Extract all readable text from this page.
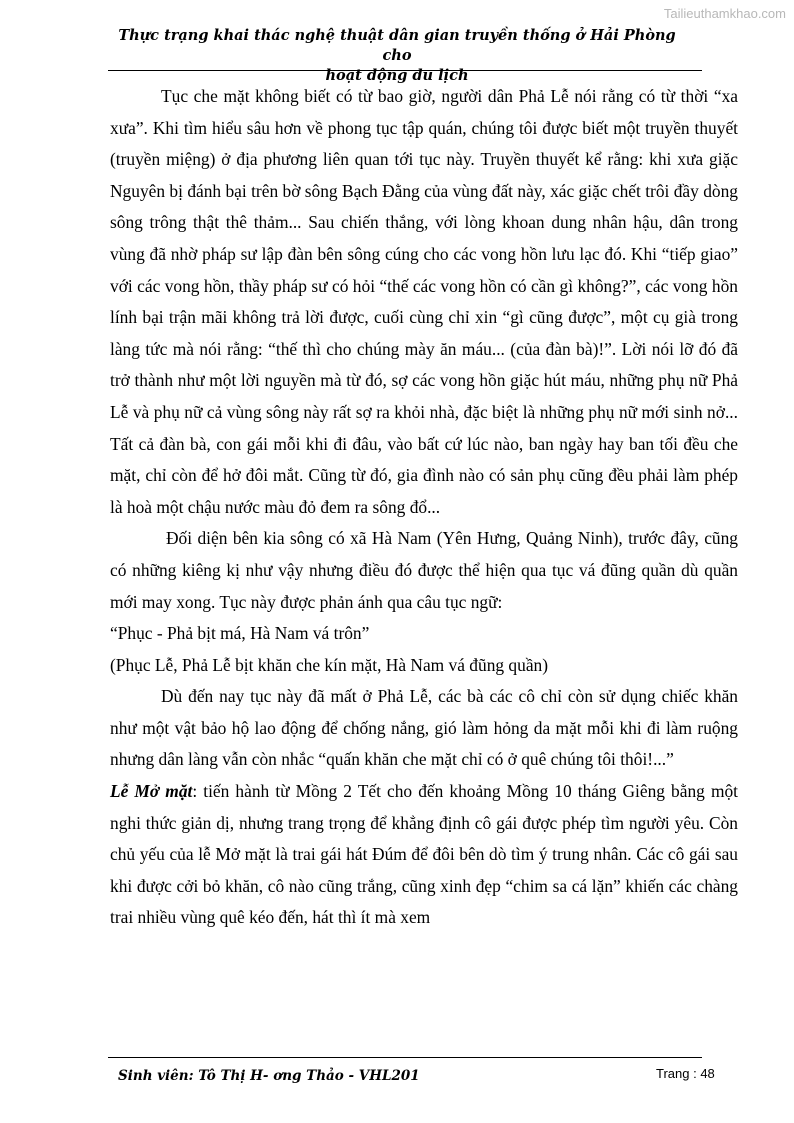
Tailieuthamkhao.com
Thực trạng khai thác nghệ thuật dân gian truyền thống ở Hải Phòng cho
hoạt động du lịch

Tục che mặt không biết có từ bao giờ, người dân Phả Lễ nói rằng có từ thời “xa xưa”. Khi tìm hiểu sâu hơn về phong tục tập quán, chúng tôi được biết một truyền thuyết (truyền miệng) ở địa phương liên quan tới tục này. Truyền thuyết kể rằng: khi xưa giặc Nguyên bị đánh bại trên bờ sông Bạch Đằng của vùng đất này, xác giặc chết trôi đầy dòng sông trông thật thê thảm... Sau chiến thắng, với lòng khoan dung nhân hậu, dân trong vùng đã nhờ pháp sư lập đàn bên sông cúng cho các vong hồn lưu lạc đó. Khi “tiếp giao” với các vong hồn, thầy pháp sư có hỏi “thế các vong hồn có cần gì không?”, các vong hồn lính bại trận mãi không trả lời được, cuối cùng chỉ xin “gì cũng được”, một cụ già trong làng tức mà nói rằng: “thế thì cho chúng mày ăn máu... (của đàn bà)!”. Lời nói lỡ đó đã trở thành như một lời nguyền mà từ đó, sợ các vong hồn giặc hút máu, những phụ nữ Phả Lễ và phụ nữ cả vùng sông này rất sợ ra khỏi nhà, đặc biệt là những phụ nữ mới sinh nở... Tất cả đàn bà, con gái mỗi khi đi đâu, vào bất cứ lúc nào, ban ngày hay ban tối đều che mặt, chỉ còn để hở đôi mắt. Cũng từ đó, gia đình nào có sản phụ cũng đều phải làm phép là hoà một chậu nước màu đỏ đem ra sông đổ...

Đối diện bên kia sông có xã Hà Nam (Yên Hưng, Quảng Ninh), trước đây, cũng có những kiêng kị như vậy nhưng điều đó được thể hiện qua tục vá đũng quần dù quần mới may xong. Tục này được phản ánh qua câu tục ngữ:

“Phục - Phả bịt má, Hà Nam vá trôn”

(Phục Lễ, Phả Lễ bịt khăn che kín mặt, Hà Nam vá đũng quần)

Dù đến nay tục này đã mất ở Phả Lễ, các bà các cô chỉ còn sử dụng chiếc khăn như một vật bảo hộ lao động để chống nắng, gió làm hỏng da mặt mỗi khi đi làm ruộng nhưng dân làng vẫn còn nhắc “quấn khăn che mặt chỉ có ở quê chúng tôi thôi!...”

Lễ Mở mặt: tiến hành từ Mồng 2 Tết cho đến khoảng Mồng 10 tháng Giêng bằng một nghi thức giản dị, nhưng trang trọng để khẳng định cô gái được phép tìm người yêu. Còn chủ yếu của lễ Mở mặt là trai gái hát Đúm để đôi bên dò tìm ý trung nhân. Các cô gái sau khi được cởi bỏ khăn, cô nào cũng trắng, cũng xinh đẹp “chim sa cá lặn” khiến các chàng trai nhiều vùng quê kéo đến, hát thì ít mà xem

Sinh viên: Tô Thị H- ơng Thảo - VHL201	Trang : 48
